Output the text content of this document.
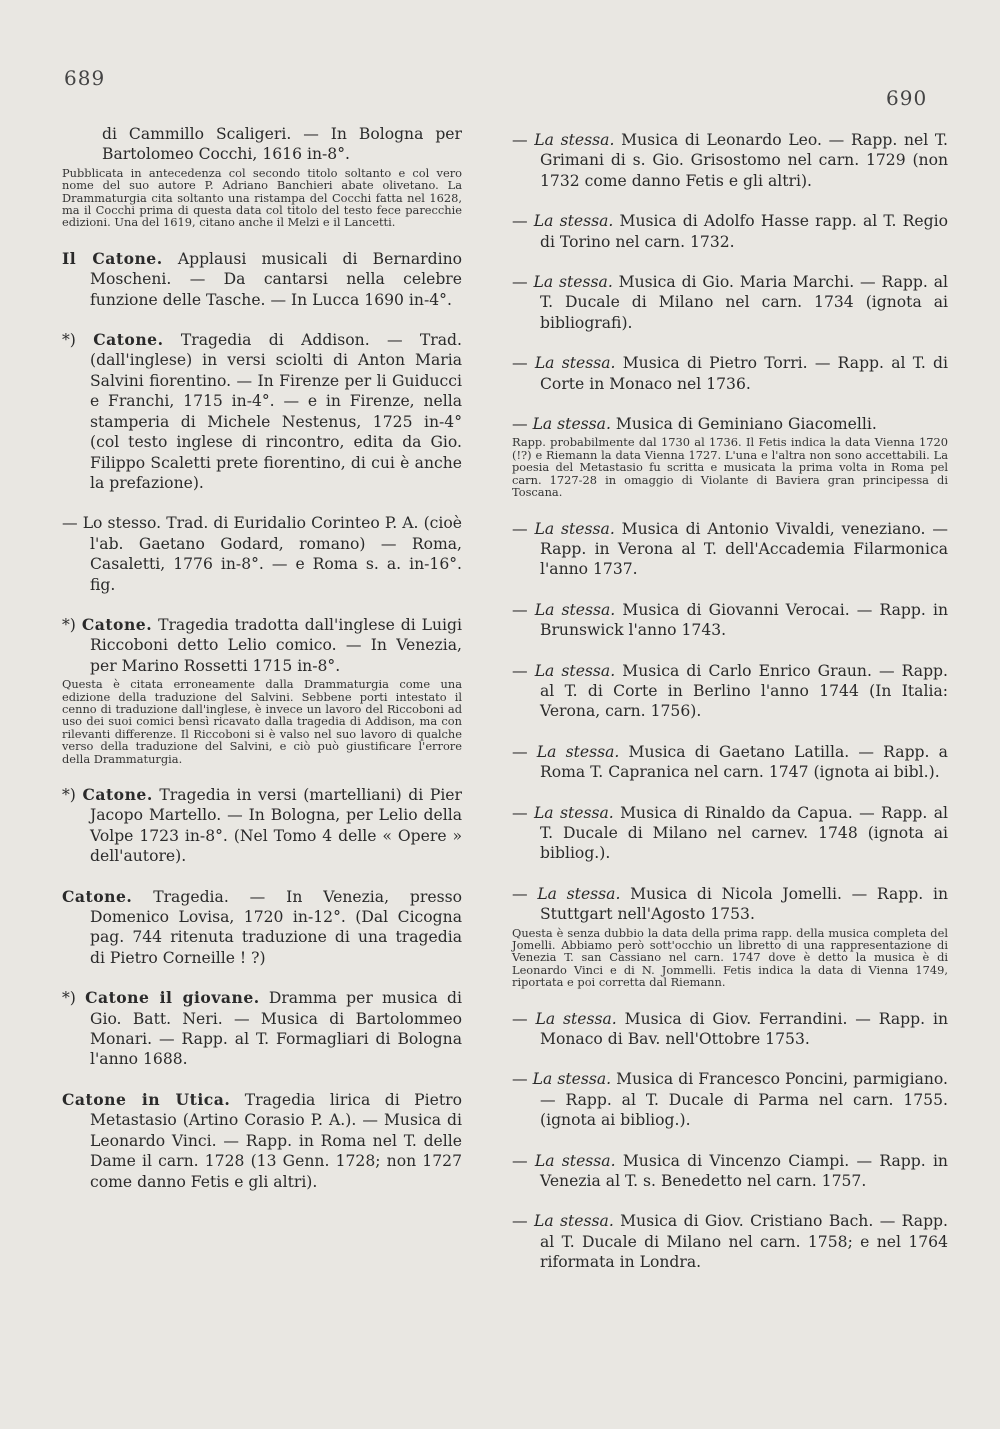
689
690

di Cammillo Scaligeri. — In Bologna per Bartolomeo Cocchi, 1616 in-8°.

Pubblicata in antecedenza col secondo titolo soltanto e col vero nome del suo autore P. Adriano Banchieri abate olivetano. La Drammaturgia cita soltanto una ristampa del Cocchi fatta nel 1628, ma il Cocchi prima di questa data col titolo del testo fece parecchie edizioni. Una del 1619, citano anche il Melzi e il Lancetti.

Il Catone. Applausi musicali di Bernardino Moscheni. — Da cantarsi nella celebre funzione delle Tasche. — In Lucca 1690 in-4°.

*) Catone. Tragedia di Addison. — Trad. (dall'inglese) in versi sciolti di Anton Maria Salvini fiorentino. — In Firenze per li Guiducci e Franchi, 1715 in-4°. — e in Firenze, nella stamperia di Michele Nestenus, 1725 in-4° (col testo inglese di rincontro, edita da Gio. Filippo Scaletti prete fiorentino, di cui è anche la prefazione).

— Lo stesso. Trad. di Euridalio Corinteo P. A. (cioè l'ab. Gaetano Godard, romano) — Roma, Casaletti, 1776 in-8°. — e Roma s. a. in-16°. fig.

*) Catone. Tragedia tradotta dall'inglese di Luigi Riccoboni detto Lelio comico. — In Venezia, per Marino Rossetti 1715 in-8°.

Questa è citata erroneamente dalla Drammaturgia come una edizione della traduzione del Salvini. Sebbene porti intestato il cenno di traduzione dall'inglese, è invece un lavoro del Riccoboni ad uso dei suoi comici bensì ricavato dalla tragedia di Addison, ma con rilevanti differenze. Il Riccoboni si è valso nel suo lavoro di qualche verso della traduzione del Salvini, e ciò può giustificare l'errore della Drammaturgia.

*) Catone. Tragedia in versi (martelliani) di Pier Jacopo Martello. — In Bologna, per Lelio della Volpe 1723 in-8°. (Nel Tomo 4 delle « Opere » dell'autore).

Catone. Tragedia. — In Venezia, presso Domenico Lovisa, 1720 in-12°. (Dal Cicogna pag. 744 ritenuta traduzione di una tragedia di Pietro Corneille ! ?)

*) Catone il giovane. Dramma per musica di Gio. Batt. Neri. — Musica di Bartolommeo Monari. — Rapp. al T. Formagliari di Bologna l'anno 1688.

Catone in Utica. Tragedia lirica di Pietro Metastasio (Artino Corasio P. A.). — Musica di Leonardo Vinci. — Rapp. in Roma nel T. delle Dame il carn. 1728 (13 Genn. 1728; non 1727 come danno Fetis e gli altri).

— La stessa. Musica di Leonardo Leo. — Rapp. nel T. Grimani di s. Gio. Grisostomo nel carn. 1729 (non 1732 come danno Fetis e gli altri).

— La stessa. Musica di Adolfo Hasse rapp. al T. Regio di Torino nel carn. 1732.

— La stessa. Musica di Gio. Maria Marchi. — Rapp. al T. Ducale di Milano nel carn. 1734 (ignota ai bibliografi).

— La stessa. Musica di Pietro Torri. — Rapp. al T. di Corte in Monaco nel 1736.

— La stessa. Musica di Geminiano Giacomelli.

Rapp. probabilmente dal 1730 al 1736. Il Fetis indica la data Vienna 1720 (!?) e Riemann la data Vienna 1727. L'una e l'altra non sono accettabili. La poesia del Metastasio fu scritta e musicata la prima volta in Roma pel carn. 1727-28 in omaggio di Violante di Baviera gran principessa di Toscana.

— La stessa. Musica di Antonio Vivaldi, veneziano. — Rapp. in Verona al T. dell'Accademia Filarmonica l'anno 1737.

— La stessa. Musica di Giovanni Verocai. — Rapp. in Brunswick l'anno 1743.

— La stessa. Musica di Carlo Enrico Graun. — Rapp. al T. di Corte in Berlino l'anno 1744 (In Italia: Verona, carn. 1756).

— La stessa. Musica di Gaetano Latilla. — Rapp. a Roma T. Capranica nel carn. 1747 (ignota ai bibl.).

— La stessa. Musica di Rinaldo da Capua. — Rapp. al T. Ducale di Milano nel carnev. 1748 (ignota ai bibliog.).

— La stessa. Musica di Nicola Jomelli. — Rapp. in Stuttgart nell'Agosto 1753.

Questa è senza dubbio la data della prima rapp. della musica completa del Jomelli. Abbiamo però sott'occhio un libretto di una rappresentazione di Venezia T. san Cassiano nel carn. 1747 dove è detto la musica è di Leonardo Vinci e di N. Jommelli. Fetis indica la data di Vienna 1749, riportata e poi corretta dal Riemann.

— La stessa. Musica di Giov. Ferrandini. — Rapp. in Monaco di Bav. nell'Ottobre 1753.

— La stessa. Musica di Francesco Poncini, parmigiano. — Rapp. al T. Ducale di Parma nel carn. 1755. (ignota ai bibliog.).

— La stessa. Musica di Vincenzo Ciampi. — Rapp. in Venezia al T. s. Benedetto nel carn. 1757.

— La stessa. Musica di Giov. Cristiano Bach. — Rapp. al T. Ducale di Milano nel carn. 1758; e nel 1764 riformata in Londra.
